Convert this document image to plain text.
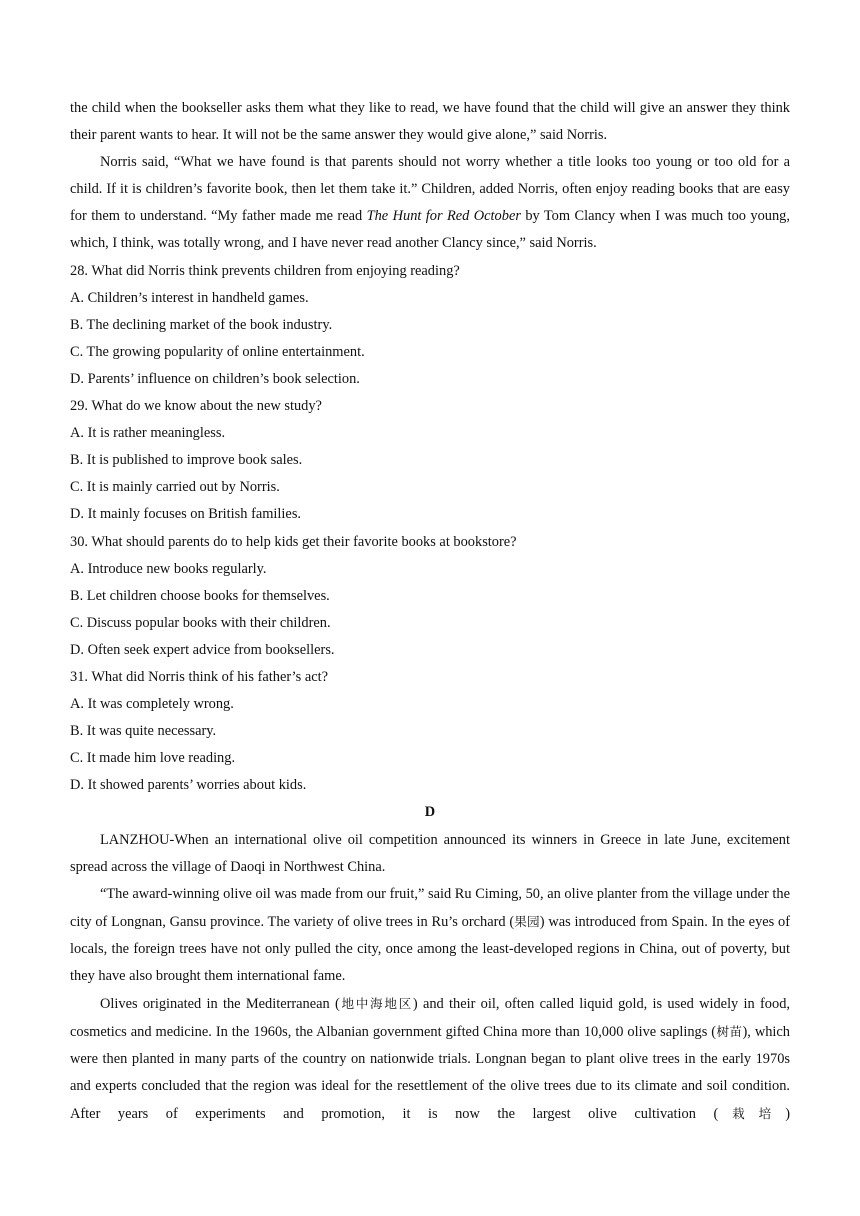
the child when the bookseller asks them what they like to read, we have found that the child will give an answer they think their parent wants to hear. It will not be the same answer they would give alone,” said Norris.

Norris said, “What we have found is that parents should not worry whether a title looks too young or too old for a child. If it is children’s favorite book, then let them take it.” Children, added Norris, often enjoy reading books that are easy for them to understand. “My father made me read The Hunt for Red October by Tom Clancy when I was much too young, which, I think, was totally wrong, and I have never read another Clancy since,” said Norris.

28. What did Norris think prevents children from enjoying reading?

A. Children’s interest in handheld games.

B. The declining market of the book industry.

C. The growing popularity of online entertainment.

D. Parents’ influence on children’s book selection.

29. What do we know about the new study?

A. It is rather meaningless.

B. It is published to improve book sales.

C. It is mainly carried out by Norris.

D. It mainly focuses on British families.

30. What should parents do to help kids get their favorite books at bookstore?

A. Introduce new books regularly.

B. Let children choose books for themselves.

C. Discuss popular books with their children.

D. Often seek expert advice from booksellers.

31. What did Norris think of his father’s act?

A. It was completely wrong.

B. It was quite necessary.

C. It made him love reading.

D. It showed parents’ worries about kids.

D

LANZHOU-When an international olive oil competition announced its winners in Greece in late June, excitement spread across the village of Daoqi in Northwest China.

“The award-winning olive oil was made from our fruit,” said Ru Ciming, 50, an olive planter from the village under the city of Longnan, Gansu province. The variety of olive trees in Ru’s orchard (果园) was introduced from Spain. In the eyes of locals, the foreign trees have not only pulled the city, once among the least-developed regions in China, out of poverty, but they have also brought them international fame.

Olives originated in the Mediterranean (地中海地区) and their oil, often called liquid gold, is used widely in food, cosmetics and medicine. In the 1960s, the Albanian government gifted China more than 10,000 olive saplings (树苗), which were then planted in many parts of the country on nationwide trials. Longnan began to plant olive trees in the early 1970s and experts concluded that the region was ideal for the resettlement of the olive trees due to its climate and soil condition. After years of experiments and promotion, it is now the largest olive cultivation (栽培)
